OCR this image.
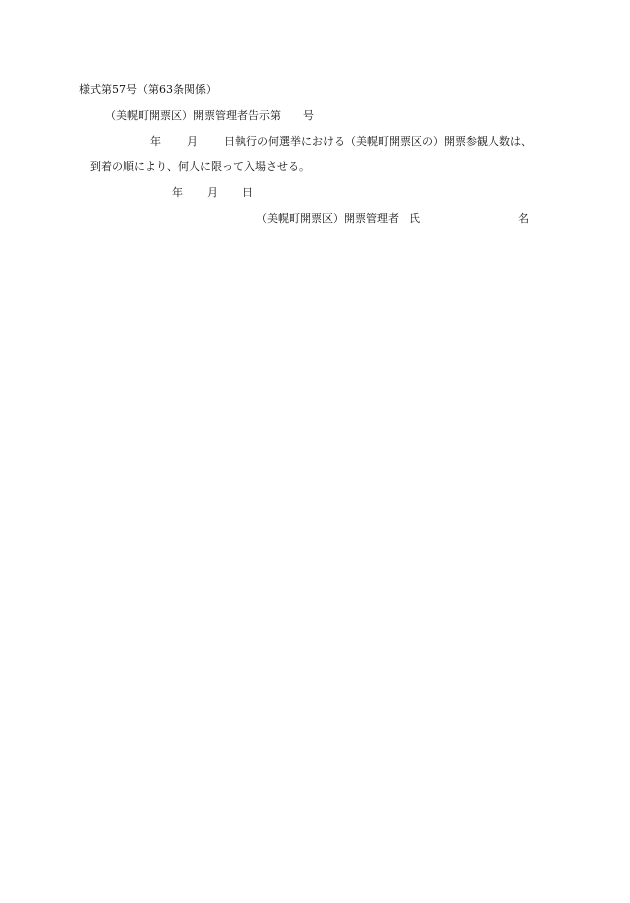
様式第57号（第63条関係）
（美幌町開票区）開票管理者告示第 号
年 月 日執行の何選挙における（美幌町開票区の）開票参観人数は、
到着の順により、何人に限って入場させる。
年 月 日
（美幌町開票区）開票管理者 氏	名
